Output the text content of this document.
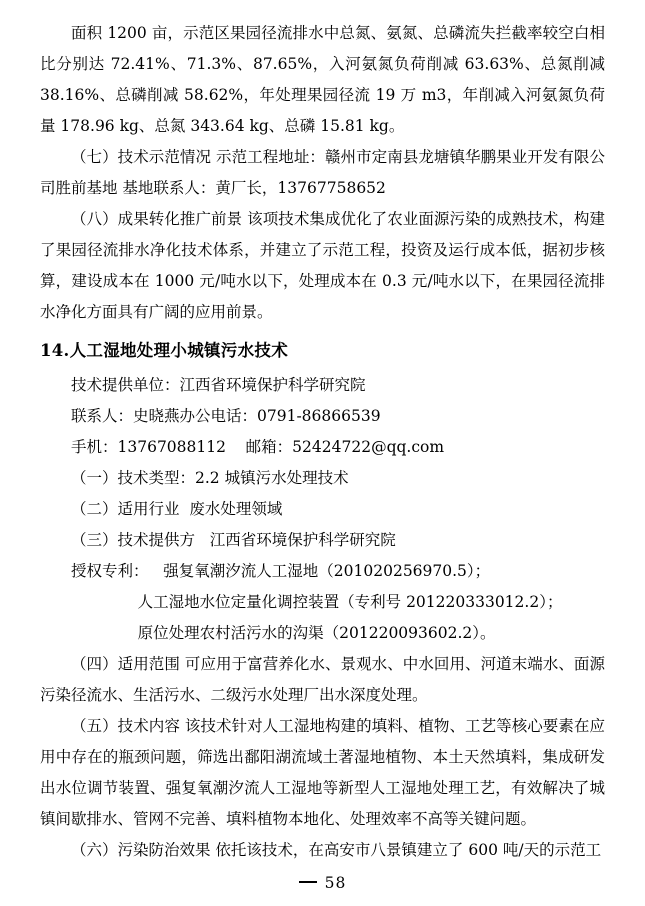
面积 1200 亩，示范区果园径流排水中总氮、氨氮、总磷流失拦截率较空白相比分别达 72.41%、71.3%、87.65%，入河氨氮负荷削减 63.63%、总氮削减 38.16%、总磷削减 58.62%，年处理果园径流 19 万 m3，年削减入河氨氮负荷量 178.96 kg、总氮 343.64 kg、总磷 15.81 kg。

（七）技术示范情况 示范工程地址：赣州市定南县龙塘镇华鹏果业开发有限公司胜前基地 基地联系人：黄厂长，13767758652

（八）成果转化推广前景 该项技术集成优化了农业面源污染的成熟技术，构建了果园径流排水净化技术体系，并建立了示范工程，投资及运行成本低，据初步核算，建设成本在 1000 元/吨水以下，处理成本在 0.3 元/吨水以下，在果园径流排水净化方面具有广阔的应用前景。

14.人工湿地处理小城镇污水技术

技术提供单位：江西省环境保护科学研究院

联系人：史晓燕办公电话：0791-86866539

手机：13767088112    邮箱：52424722@qq.com

（一）技术类型：2.2 城镇污水处理技术

（二）适用行业  废水处理领域

（三）技术提供方   江西省环境保护科学研究院

授权专利：   强复氧潮汐流人工湿地（201020256970.5）；

人工湿地水位定量化调控装置（专利号 201220333012.2）；

原位处理农村活污水的沟渠（201220093602.2）。

（四）适用范围 可应用于富营养化水、景观水、中水回用、河道末端水、面源污染径流水、生活污水、二级污水处理厂出水深度处理。

（五）技术内容 该技术针对人工湿地构建的填料、植物、工艺等核心要素在应用中存在的瓶颈问题，筛选出鄱阳湖流域土著湿地植物、本土天然填料，集成研发出水位调节装置、强复氧潮汐流人工湿地等新型人工湿地处理工艺，有效解决了城镇间歇排水、管网不完善、填料植物本地化、处理效率不高等关键问题。

（六）污染防治效果 依托该技术，在高安市八景镇建立了 600 吨/天的示范工

58
